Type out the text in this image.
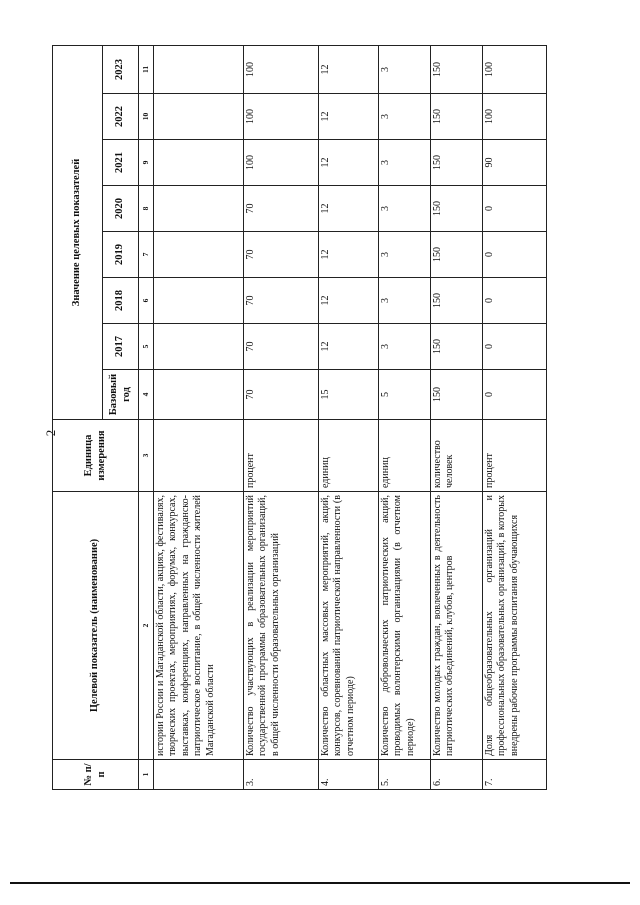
2
№ п/п	Целевой показатель (наименование)	Единица измерения	Значение целевых показателей							
			Базовый год	2017	2018	2019	2020	2021	2022	2023
1	2	3	4	5	6	7	8	9	10	11
	истории России и Магаданской области, акциях, фестивалях, творческих проектах, мероприятиях, форумах, конкурсах, выставках, конференциях, направленных на гражданско-патриотическое воспитание, в общей численности жителей Магаданской области									
3.	Количество участвующих в реализации мероприятий государственной программы образовательных организаций, в общей численности образовательных организаций	процент	70	70	70	70	70	100	100	100
4.	Количество областных массовых мероприятий, акций, конкурсов, соревнований патриотической направленности (в отчетном периоде)	единиц	15	12	12	12	12	12	12	12
5.	Количество добровольческих патриотических акций, проводимых волонтерскими организациями (в отчетном периоде)	единиц	5	3	3	3	3	3	3	3
6.	Количество молодых граждан, вовлеченных в деятельность патриотических объединений, клубов, центров	количество человек	150	150	150	150	150	150	150	150
7.	Доля общеобразовательных организаций и профессиональных образовательных организаций, в которых внедрены рабочие программы воспитания обучающихся	процент	0	0	0	0	0	90	100	100
